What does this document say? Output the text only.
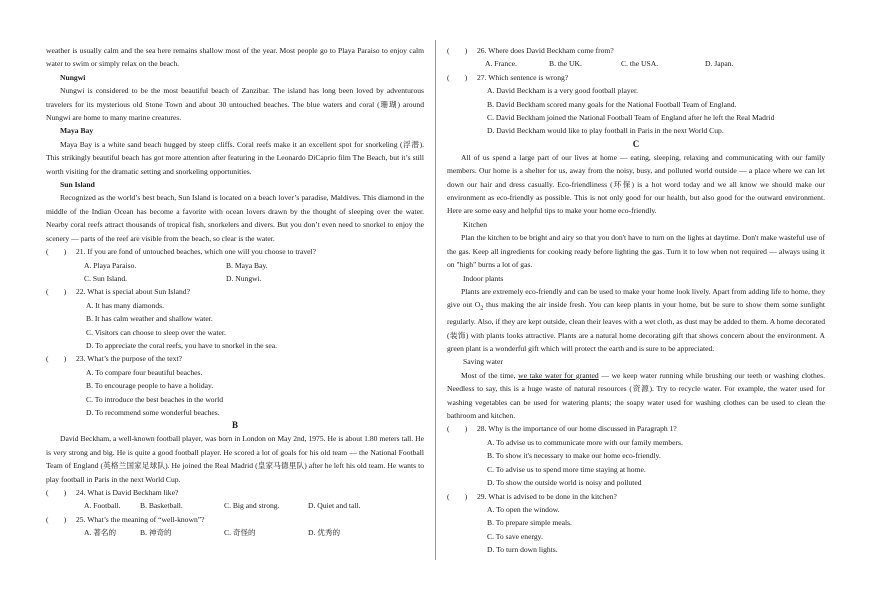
weather is usually calm and the sea here remains shallow most of the year. Most people go to Playa Paraiso to enjoy calm water to swim or simply relax on the beach.

Nungwi

Nungwi is considered to be the most beautiful beach of Zanzibar. The island has long been loved by adventurous travelers for its mysterious old Stone Town and about 30 untouched beaches. The blue waters and coral (珊瑚) around Nungwi are home to many marine creatures.

Maya Bay

Maya Bay is a white sand beach hugged by steep cliffs. Coral reefs make it an excellent spot for snorkeling (浮潜). This strikingly beautiful beach has got more attention after featuring in the Leonardo DiCaprio film The Beach, but it’s still worth visiting for the dramatic setting and snorkeling opportunities.

Sun Island

Recognized as the world’s best beach, Sun Island is located on a beach lover’s paradise, Maldives. This diamond in the middle of the Indian Ocean has become a favorite with ocean lovers drawn by the thought of sleeping over the water. Nearby coral reefs attract thousands of tropical fish, snorkelers and divers. But you don’t even need to snorkel to enjoy the scenery — parts of the reef are visible from the beach, so clear is the water.

(        )	21. If you are fond of untouched beaches, which one will you choose to travel?
A. Playa Paraiso.	B. Maya Bay.
C. Sun Island.	D. Nungwi.
(        )	22. What is special about Sun Island?

A. It has many diamonds.

B. It has calm weather and shallow water.

C. Visitors can choose to sleep over the water.

D. To appreciate the coral reefs, you have to snorkel in the sea.

(        )	23. What’s the purpose of the text?

A. To compare four beautiful beaches.

B. To encourage people to have a holiday.

C. To introduce the best beaches in the world

D. To recommend some wonderful beaches.

B

David Beckham, a well-known football player, was born in London on May 2nd, 1975. He is about 1.80 meters tall. He is very strong and big. He is quite a good football player. He scored a lot of goals for his old team — the National Football Team of England (英格兰国家足球队). He joined the Real Madrid (皇家马德里队) after he left his old team. He wants to play football in Paris in the next World Cup.

(        )	24. What is David Beckham like?
A. Football.	B. Basketball.	C. Big and strong.	D. Quiet and tall.
(        )	25. What’s the meaning of “well-known”?
A. 著名的	B. 神奇的	C. 奇怪的	D. 优秀的
(        )	26. Where does David Beckham come from?
A. France.	B. the UK.	C. the USA.	D. Japan.
(        )	27. Which sentence is wrong?

A. David Beckham is a very good football player.

B. David Beckham scored many goals for the National Football Team of England.

C. David Beckham joined the National Football Team of England after he left the Real Madrid

D. David Beckham would like to play football in Paris in the next World Cup.

C

All of us spend a large part of our lives at home — eating, sleeping, relaxing and communicating with our family members. Our home is a shelter for us, away from the noisy, busy, and polluted world outside — a place where we can let down our hair and dress casually. Eco-friendliness (环保) is a hot word today and we all know we should make our environment as eco-friendly as possible. This is not only good for our health, but also good for the outward environment. Here are some easy and helpful tips to make your home eco-friendly.

Kitchen

Plan the kitchen to be bright and airy so that you don't have to turn on the lights at daytime. Don't make wasteful use of the gas. Keep all ingredients for cooking ready before lighting the gas. Turn it to low when not required — always using it on "high" burns a lot of gas.

Indoor plants

Plants are extremely eco-friendly and can be used to make your home look lively. Apart from adding life to home, they give out $O_2$ thus making the air inside fresh. You can keep plants in your home, but be sure to show them some sunlight regularly. Also, if they are kept outside, clean their leaves with a wet cloth, as dust may be added to them. A home decorated (装饰) with plants looks attractive. Plants are a natural home decorating gift that shows concern about the environment. A green plant is a wonderful gift which will protect the earth and is sure to be appreciated.

Saving water

Most of the time, we take water for granted — we keep water running while brushing our teeth or washing clothes. Needless to say, this is a huge waste of natural resources (资源). Try to recycle water. For example, the water used for washing vegetables can be used for watering plants; the soapy water used for washing clothes can be used to clean the bathroom and kitchen.

(        )	28. Why is the importance of our home discussed in Paragraph 1?

A. To advise us to communicate more with our family members.

B. To show it's necessary to make our home eco-friendly.

C. To advise us to spend more time staying at home.

D. To show the outside world is noisy and polluted

(        )	29. What is advised to be done in the kitchen?

A. To open the window.

B. To prepare simple meals.

C. To save energy.

D. To turn down lights.
